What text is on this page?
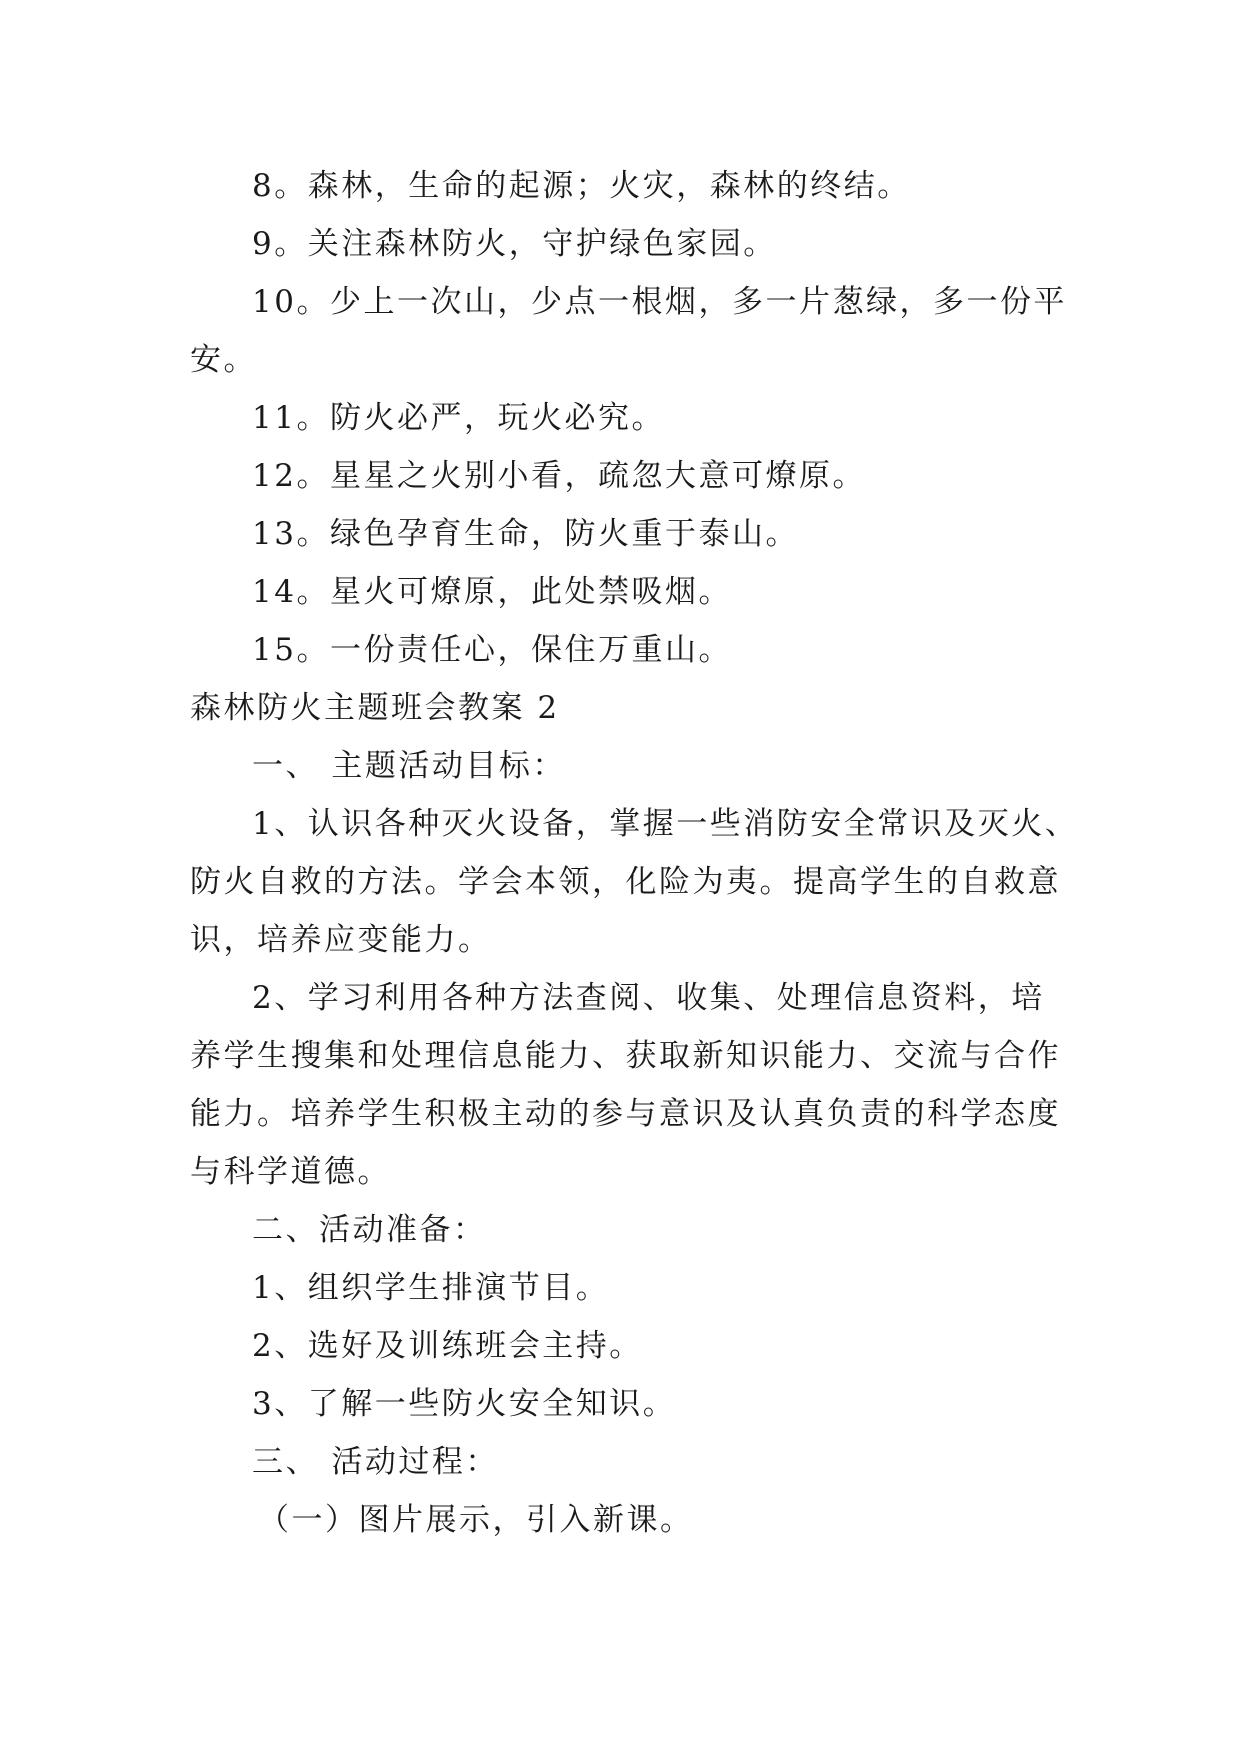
8。森林，生命的起源；火灾，森林的终结。
9。关注森林防火，守护绿色家园。
10。少上一次山，少点一根烟，多一片葱绿，多一份平
安。
11。防火必严，玩火必究。
12。星星之火别小看，疏忽大意可燎原。
13。绿色孕育生命，防火重于泰山。
14。星火可燎原，此处禁吸烟。
15。一份责任心，保住万重山。
森林防火主题班会教案 2
一、 主题活动目标：
1、认识各种灭火设备，掌握一些消防安全常识及灭火、
防火自救的方法。学会本领，化险为夷。提高学生的自救意
识，培养应变能力。
2、学习利用各种方法查阅、收集、处理信息资料，培
养学生搜集和处理信息能力、获取新知识能力、交流与合作
能力。培养学生积极主动的参与意识及认真负责的科学态度
与科学道德。
二、活动准备：
1、组织学生排演节目。
2、选好及训练班会主持。
3、了解一些防火安全知识。
三、 活动过程：
（一）图片展示，引入新课。
